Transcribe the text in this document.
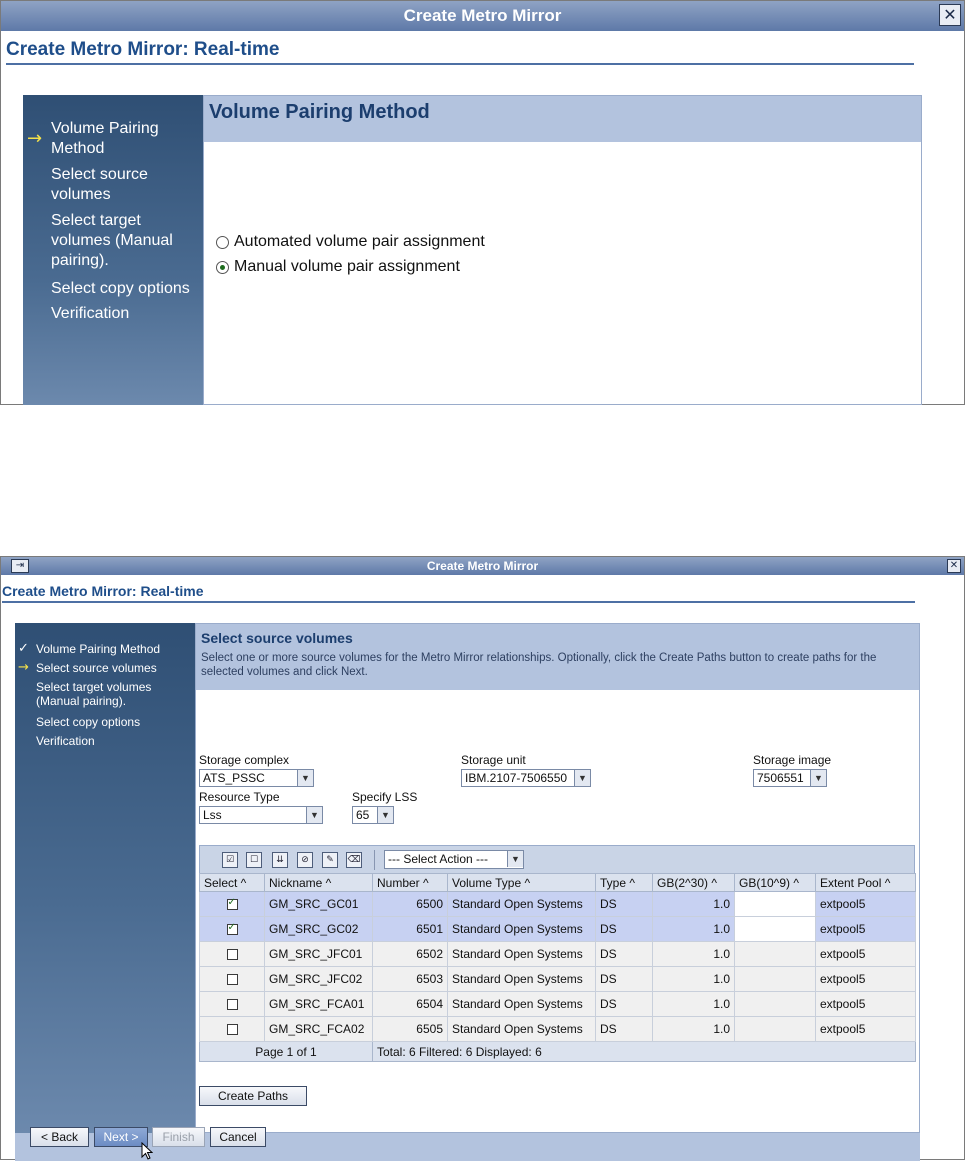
Create Metro Mirror	✕
Create Metro Mirror: Real-time
→ Volume Pairing Method
Select source volumes
Select target volumes (Manual pairing).
Select copy options
Verification
Volume Pairing Method
Automated volume pair assignment
Manual volume pair assignment
Create Metro Mirror
⇥	✕
Create Metro Mirror: Real-time
✓ Volume Pairing Method
→ Select source volumes
Select target volumes (Manual pairing).
Select copy options
Verification
Select source volumes
Select one or more source volumes for the Metro Mirror relationships. Optionally, click the Create Paths button to create paths for the selected volumes and click Next.
Storage complex
ATS_PSSC	▼
Storage unit
IBM.2107-7506550	▼
Storage image
7506551	▼
Resource Type
Lss	▼
Specify LSS
65	▼
☑	☐	⇊	⊘	✎	⌫	--- Select Action ---	▼
Select ^	Nickname ^	Number ^	Volume Type ^	Type ^	GB(2^30) ^	GB(10^9) ^	Extent Pool ^
✓	GM_SRC_GC01	6500	Standard Open Systems	DS	1.0		extpool5
✓	GM_SRC_GC02	6501	Standard Open Systems	DS	1.0		extpool5
	GM_SRC_JFC01	6502	Standard Open Systems	DS	1.0		extpool5
	GM_SRC_JFC02	6503	Standard Open Systems	DS	1.0		extpool5
	GM_SRC_FCA01	6504	Standard Open Systems	DS	1.0		extpool5
	GM_SRC_FCA02	6505	Standard Open Systems	DS	1.0		extpool5
Page 1 of 1		Total: 6 Filtered: 6 Displayed: 6					
Create Paths
< Back	Next >	Finish	Cancel
